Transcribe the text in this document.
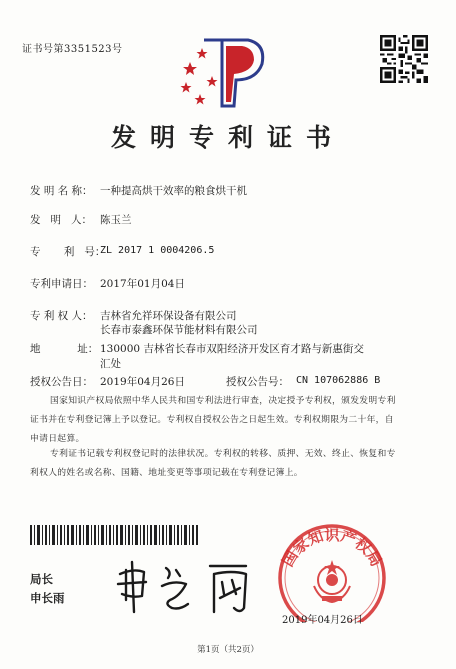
证书号第3351523号
发明专利证书
发 明 名 称： 一种提高烘干效率的粮食烘干机
发   明   人： 陈玉兰
专       利   号：
ZL 2017 1 0004206.5
专利申请日： 2017年01月04日
专 利 权 人： 吉林省允祥环保设备有限公司
长春市泰鑫环保节能材料有限公司
地           址： 130000 吉林省长春市双阳经济开发区育才路与新惠街交
汇处
授权公告日： 2019年04月26日	授权公告号： CN 107062886 B
国家知识产权局依照中华人民共和国专利法进行审查，决定授予专利权，颁发发明专利
证书并在专利登记簿上予以登记。专利权自授权公告之日起生效。专利权期限为二十年，自
申请日起算。
专利证书记载专利权登记时的法律状况。专利权的转移、质押、无效、终止、恢复和专
利权人的姓名或名称、国籍、地址变更等事项记载在专利登记簿上。
局长
申长雨
国家知识产权局
2019年04月26日
第1页（共2页）
